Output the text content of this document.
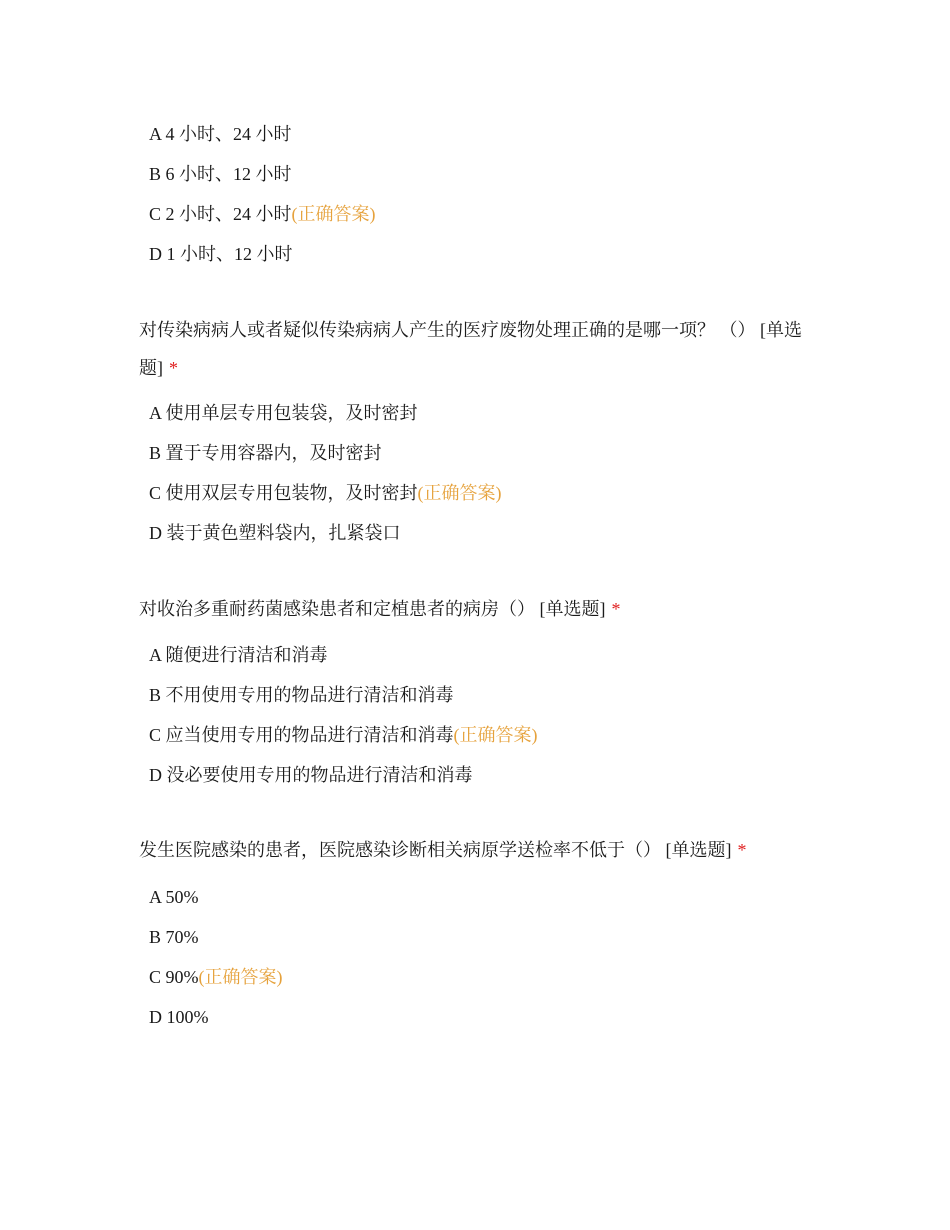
A 4 小时、24 小时
B 6 小时、12 小时
C 2 小时、24 小时(正确答案)
D 1 小时、12 小时
对传染病病人或者疑似传染病病人产生的医疗废物处理正确的是哪一项？ （） [单选题] *
A 使用单层专用包装袋，及时密封
B 置于专用容器内，及时密封
C 使用双层专用包装物，及时密封(正确答案)
D 装于黄色塑料袋内，扎紧袋口
对收治多重耐药菌感染患者和定植患者的病房（） [单选题] *
A 随便进行清洁和消毒
B 不用使用专用的物品进行清洁和消毒
C 应当使用专用的物品进行清洁和消毒(正确答案)
D 没必要使用专用的物品进行清洁和消毒
发生医院感染的患者，医院感染诊断相关病原学送检率不低于（） [单选题] *
A 50%
B 70%
C 90%(正确答案)
D 100%
